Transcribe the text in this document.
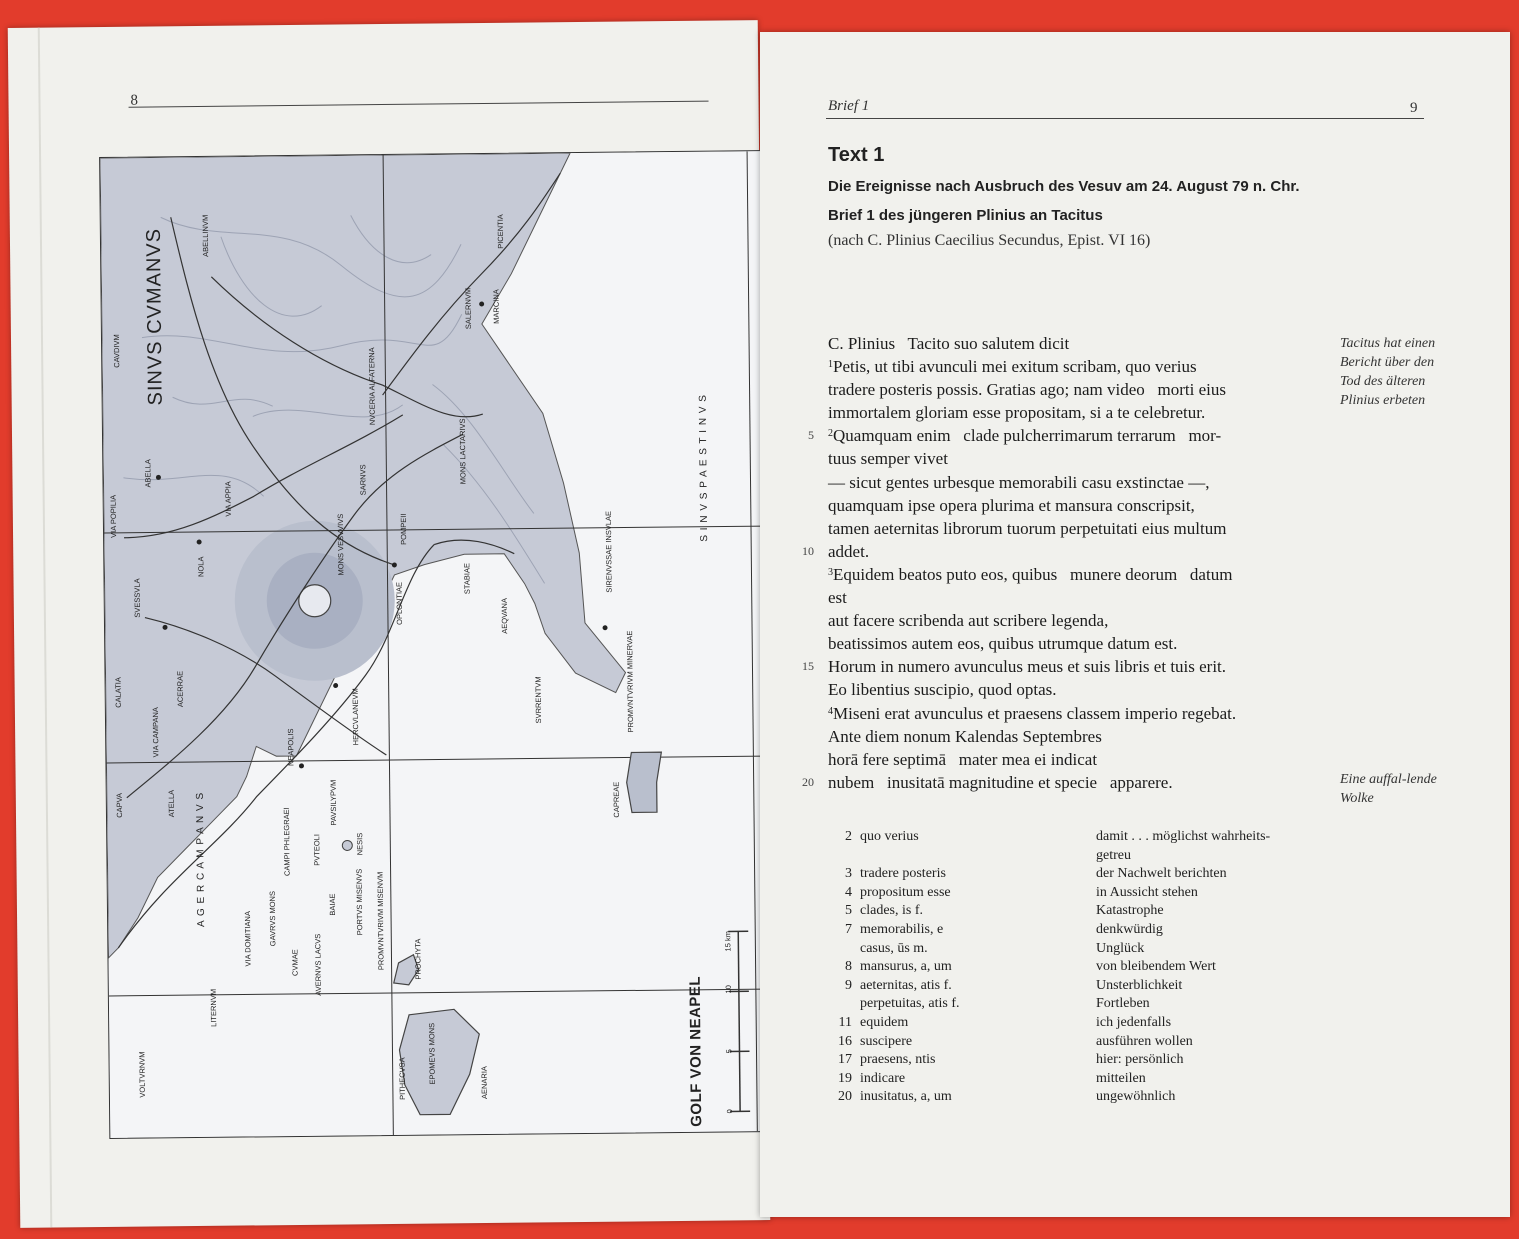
8
SINVS CVMANVS
S I N V S P A E S T I N V S
A G E R C A M P A N V S	CAMPI PHLEGRAEI
GOLF VON NEAPEL
VOLTVRNVM
LITERNVM
CVMAE
VIA DOMITIANA
CAPVA	ATELLA
CALATIA	ACERRAE
SVESSVLA
NOLA
ABELLA
CAVDIVM
ABELLINVM
NEAPOLIS
HERCVLANEVM
PAVSILYPVM
PVTEOLI
BAIAE	PROMVNTVRIVM MISENVM
PORTVS MISENVS
GAVRVS MONS
AVERNVS LACVS
NESIS
PROCHYTA
AENARIA
PITHECVSA	EPOMEVS MONS
MONS VESVVIVS	POMPEII
OPLONTIAE
STABIAE
AEQVANA
SVRRENTVM	PROMVNTVRIVM MINERVAE
SIRENVSSAE INSVLAE
CAPREAE
NVCERIA ALFATERNA
MONS LACTARIVS
SALERNVM MARCINA
PICENTIA
VIA APPIA
VIA CAMPANA
VIA POPILIA
SARNVS
0
5
10
15 km
Brief 1	9
Text 1
Die Ereignisse nach Ausbruch des Vesuv am 24. August 79 n. Chr.
Brief 1 des jüngeren Plinius an Tacitus
(nach C. Plinius Caecilius Secundus, Epist. VI 16)
C. Plinius   Tacito suo salutem dicit
$^1$Petis, ut tibi avunculi mei exitum scribam, quo verius
tradere posteris possis. Gratias ago; nam video   morti eius
immortalem gloriam esse propositam, si a te celebretur.
5 $^2$Quamquam enim   clade pulcherrimarum terrarum   mor-
tuus semper vivet
— sicut gentes urbesque memorabili casu exstinctae —,
quamquam ipse opera plurima et mansura conscripsit,
tamen aeternitas librorum tuorum perpetuitati eius multum
10 addet.
$^3$Equidem beatos puto eos, quibus   munere deorum   datum
est
aut facere scribenda aut scribere legenda,
beatissimos autem eos, quibus utrumque datum est.
15 Horum in numero avunculus meus et suis libris et tuis erit.
Eo libentius suscipio, quod optas.
$^4$Miseni erat avunculus et praesens classem imperio regebat.
Ante diem nonum Kalendas Septembres
horā fere septimā   mater mea ei indicat
20 nubem   inusitatā magnitudine et specie   apparere.
Tacitus hat einen Bericht über den Tod des älteren Plinius erbeten
Eine auffal-lende Wolke
2 quo verius	damit . . . möglichst wahrheits-
getreu
3 tradere posteris	der Nachwelt berichten
4 propositum esse	in Aussicht stehen
5 clades, is f.	Katastrophe
7 memorabilis, e	denkwürdig
casus, ūs m.	Unglück
8 mansurus, a, um	von bleibendem Wert
9 aeternitas, atis f.	Unsterblichkeit
perpetuitas, atis f.	Fortleben
11 equidem	ich jedenfalls
16 suscipere	ausführen wollen
17 praesens, ntis	hier: persönlich
19 indicare	mitteilen
20 inusitatus, a, um	ungewöhnlich
